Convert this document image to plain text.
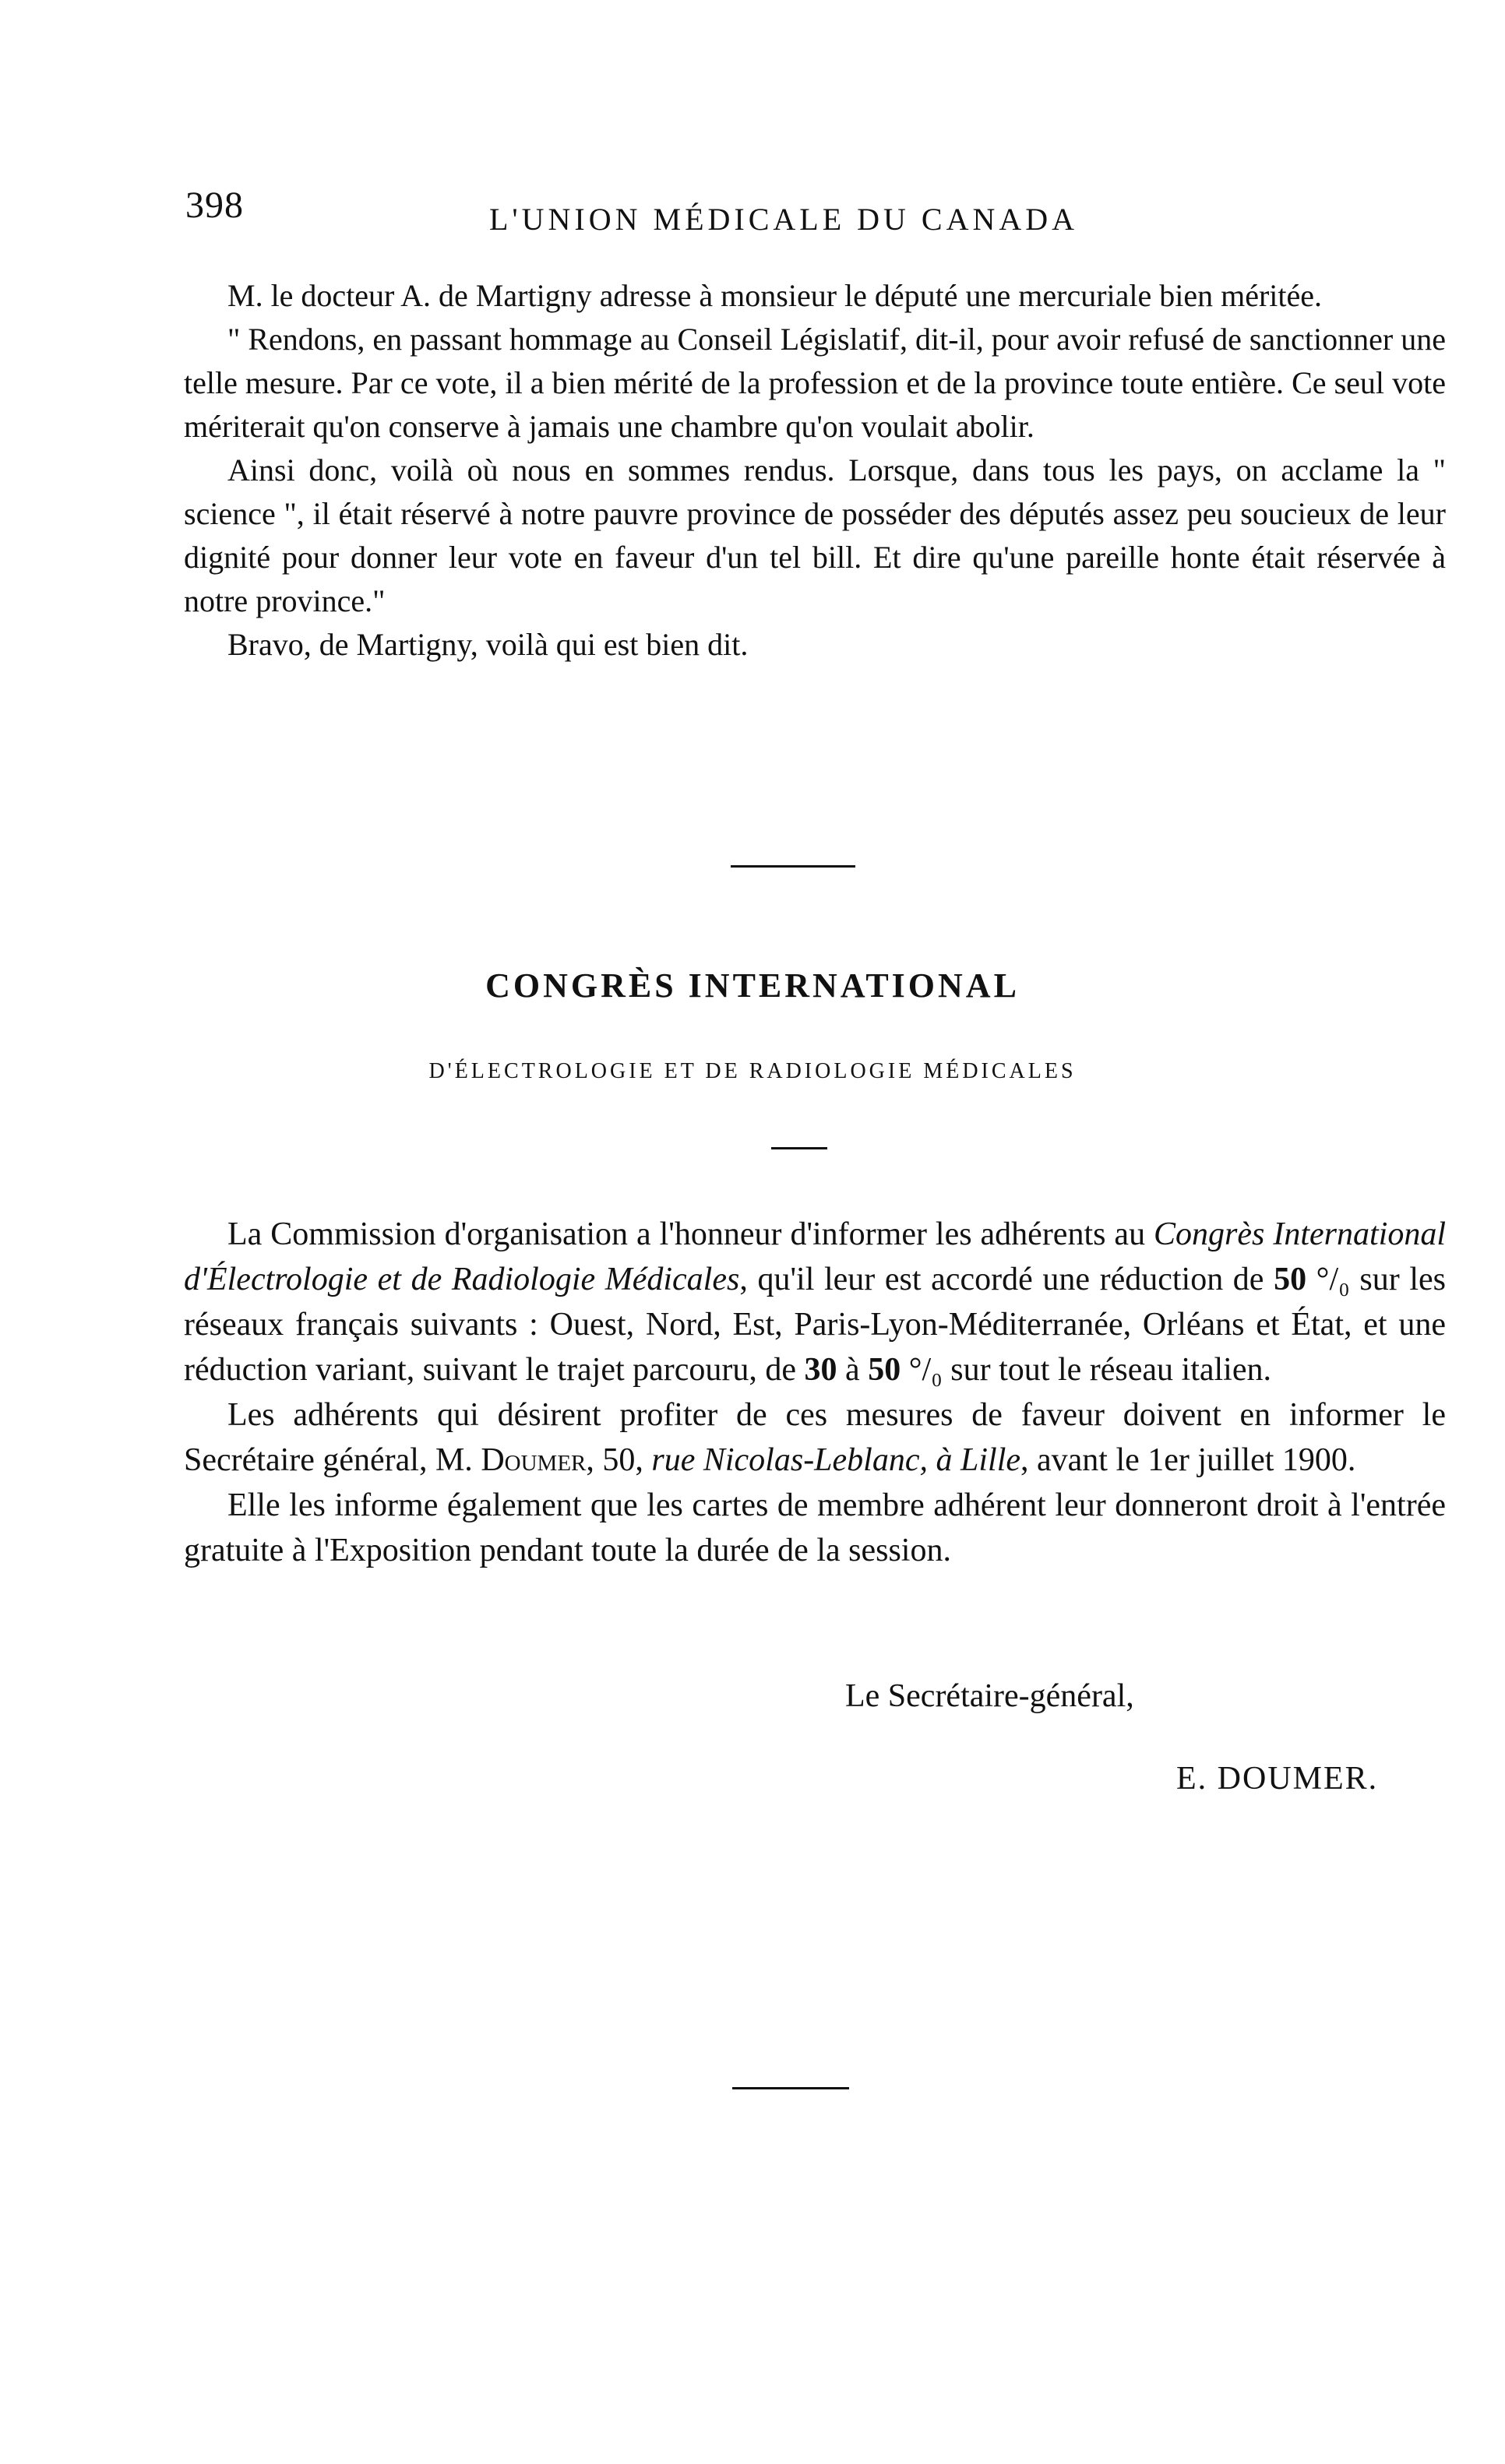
398	L'UNION MÉDICALE DU CANADA

M. le docteur A. de Martigny adresse à monsieur le député une mercuriale bien méritée.

" Rendons, en passant hommage au Conseil Législatif, dit-il, pour avoir refusé de sanctionner une telle mesure. Par ce vote, il a bien mérité de la profession et de la province toute entière. Ce seul vote mériterait qu'on conserve à jamais une chambre qu'on voulait abolir.

Ainsi donc, voilà où nous en sommes rendus. Lorsque, dans tous les pays, on acclame la " science ", il était réservé à notre pauvre province de posséder des députés assez peu soucieux de leur dignité pour donner leur vote en faveur d'un tel bill. Et dire qu'une pareille honte était réservée à notre province."

Bravo, de Martigny, voilà qui est bien dit.

CONGRÈS INTERNATIONAL
D'ÉLECTROLOGIE ET DE RADIOLOGIE MÉDICALES

La Commission d'organisation a l'honneur d'informer les adhérents au Congrès International d'Électrologie et de Radiologie Médicales, qu'il leur est accordé une réduction de 50 °/₀ sur les réseaux français suivants : Ouest, Nord, Est, Paris-Lyon-Méditerranée, Orléans et État, et une réduction variant, suivant le trajet parcouru, de 30 à 50 °/₀ sur tout le réseau italien.

Les adhérents qui désirent profiter de ces mesures de faveur doivent en informer le Secrétaire général, M. Doumer, 50, rue Nicolas-Leblanc, à Lille, avant le 1er juillet 1900.

Elle les informe également que les cartes de membre adhérent leur donneront droit à l'entrée gratuite à l'Exposition pendant toute la durée de la session.

Le Secrétaire-général,
E. DOUMER.
